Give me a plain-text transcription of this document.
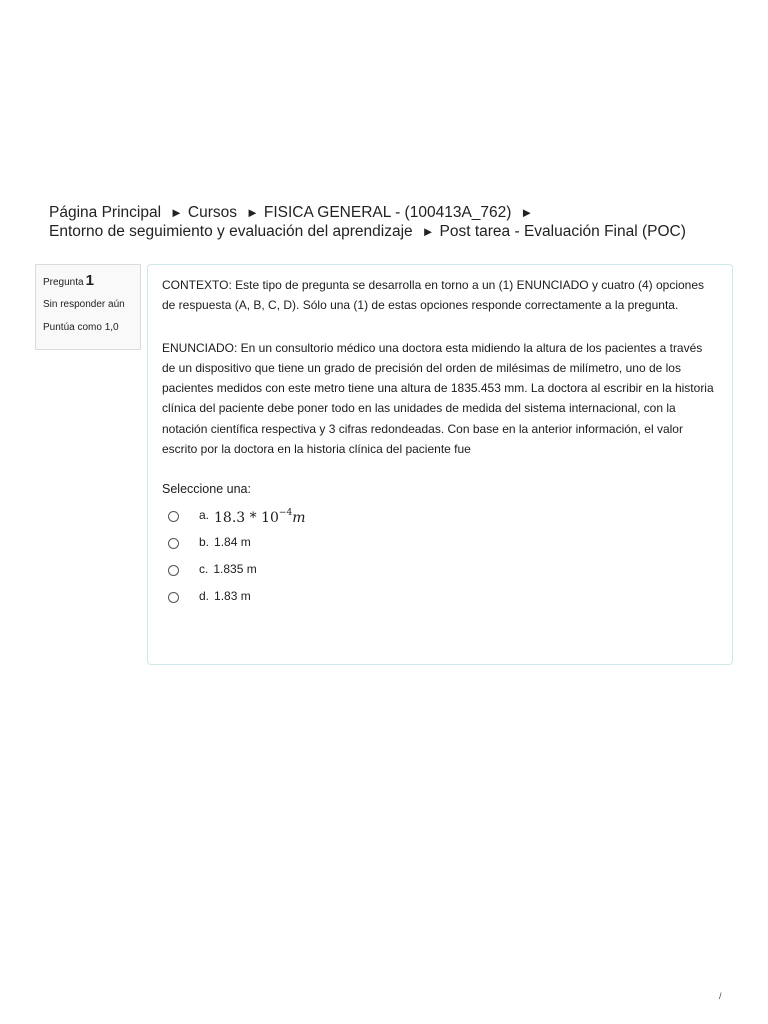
Página Principal ► Cursos ► FISICA GENERAL - (100413A_762) ►
Entorno de seguimiento y evaluación del aprendizaje ► Post tarea - Evaluación Final (POC)
Pregunta 1
Sin responder aún
Puntúa como 1,0

CONTEXTO: Este tipo de pregunta se desarrolla en torno a un (1) ENUNCIADO y cuatro (4) opciones de respuesta (A, B, C, D). Sólo una (1) de estas opciones responde correctamente a la pregunta.

ENUNCIADO: En un consultorio médico una doctora esta midiendo la altura de los pacientes a través de un dispositivo que tiene un grado de precisión del orden de milésimas de milímetro, uno de los pacientes medidos con este metro tiene una altura de 1835.453 mm. La doctora al escribir en la historia clínica del paciente debe poner todo en las unidades de medida del sistema internacional, con la notación científica respectiva y 3 cifras redondeadas. Con base en la anterior información, el valor escrito por la doctora en la historia clínica del paciente fue

Seleccione una:
a. $18.3 * 10^{-4}m$
b. 1.84 m
c. 1.835 m
d. 1.83 m
/
